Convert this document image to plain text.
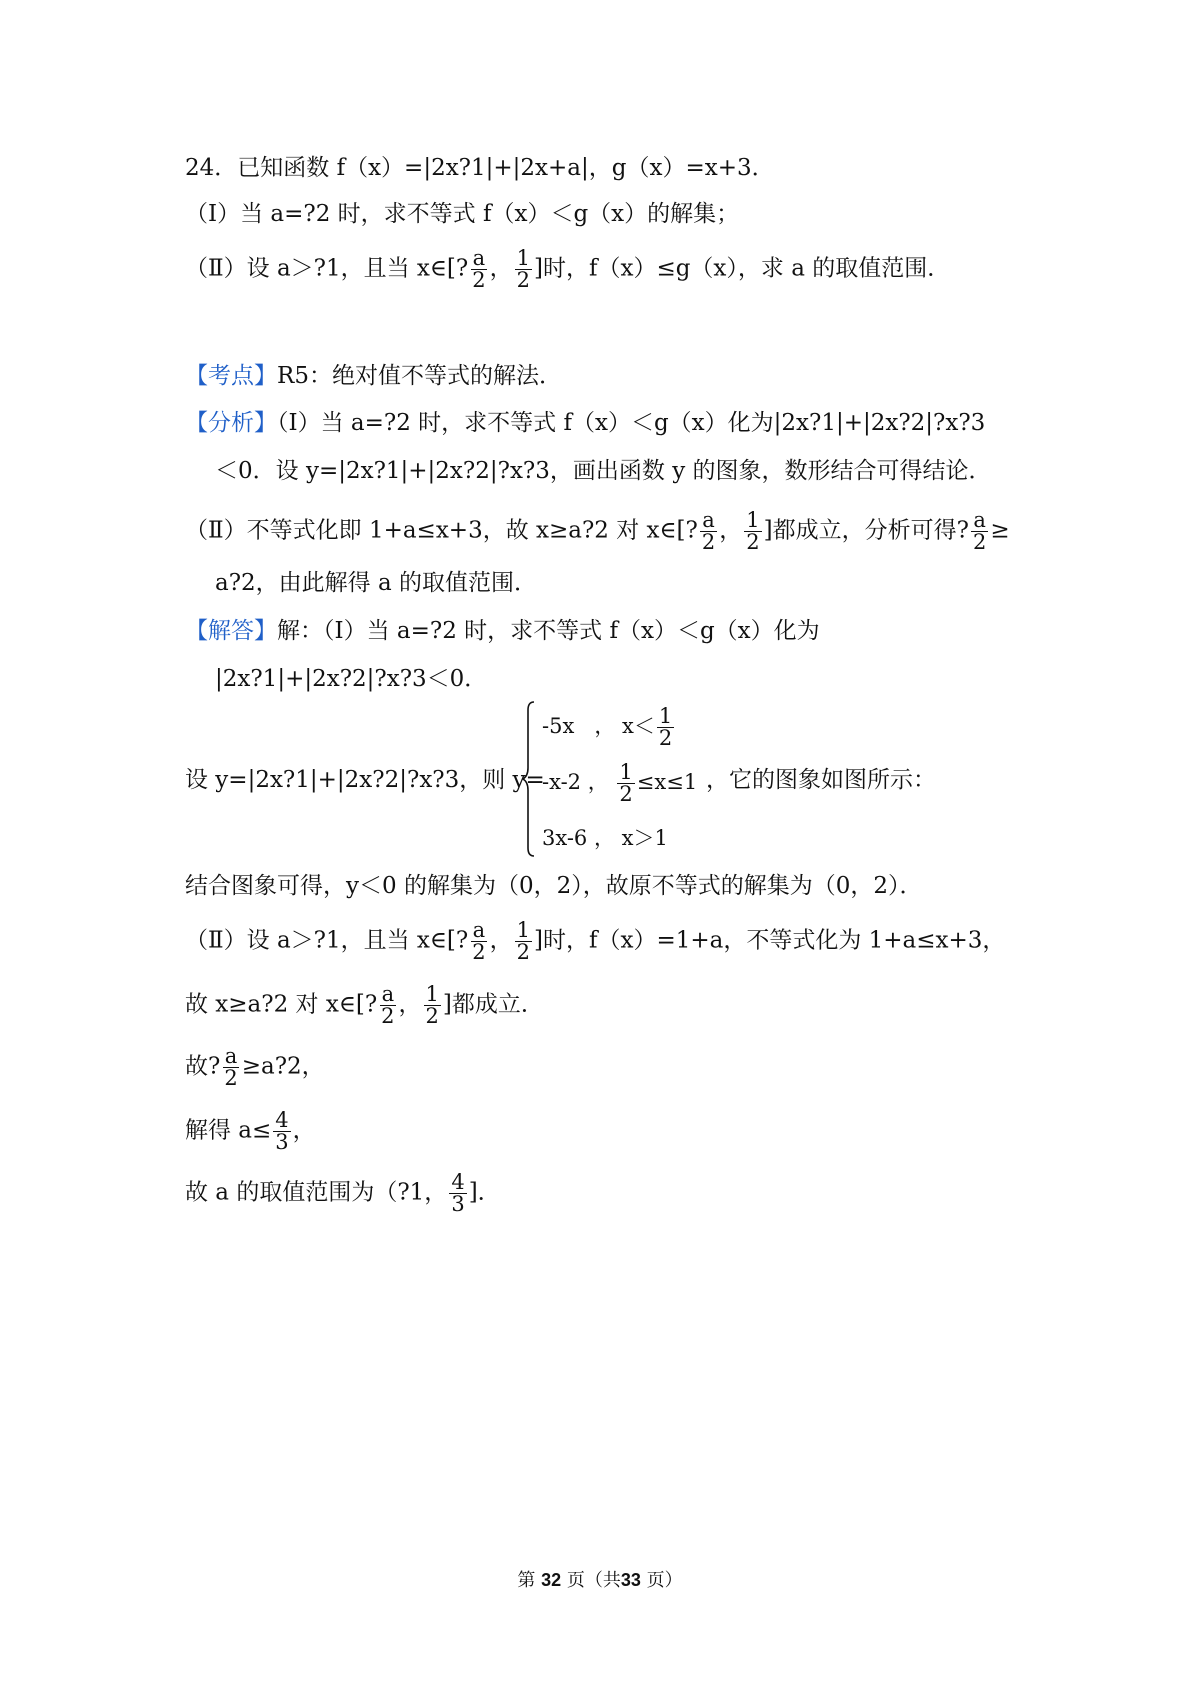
24．已知函数 f（x）=|2x?1|+|2x+a|，g（x）=x+3．
（Ⅰ）当 a=?2 时，求不等式 f（x）＜g（x）的解集；
（Ⅱ）设 a＞?1，且当 x∈[? $\frac{a}{2}$ ， $\frac{1}{2}$ ]时，f（x）≤g（x），求 a 的取值范围．
【考点】R5：绝对值不等式的解法．
【分析】（Ⅰ）当 a=?2 时，求不等式 f（x）＜g（x）化为|2x?1|+|2x?2|?x?3
＜0．设 y=|2x?1|+|2x?2|?x?3，画出函数 y 的图象，数形结合可得结论．
（Ⅱ）不等式化即 1+a≤x+3，故 x≥a?2 对 x∈[? $\frac{a}{2}$ ， $\frac{1}{2}$ ]都成立，分析可得? $\frac{a}{2}$ ≥
a?2，由此解得 a 的取值范围．
【解答】解：（Ⅰ）当 a=?2 时，求不等式 f（x）＜g（x）化为
|2x?1|+|2x?2|?x?3＜0．
设 y=|2x?1|+|2x?2|?x?3，则 y=
-5x ， $x< \frac{1}{2}$
-x-2 ， $\frac{1}{2} \le x\le 1$
3x-6 ， x＞1
，它的图象如图所示：
结合图象可得，y＜0 的解集为（0，2），故原不等式的解集为（0，2）．
（Ⅱ）设 a＞?1，且当 x∈[? $\frac{a}{2}$ ， $\frac{1}{2}$ ]时，f（x）=1+a，不等式化为 1+a≤x+3，
故 x≥a?2 对 x∈[? $\frac{a}{2}$ ， $\frac{1}{2}$ ]都成立．
故? $\frac{a}{2}$ ≥a?2，
解得 $a\le \frac{4}{3}$ ，
故 a 的取值范围为（?1， $\frac{4}{3}$ ]．
第 32 页（共33 页）
